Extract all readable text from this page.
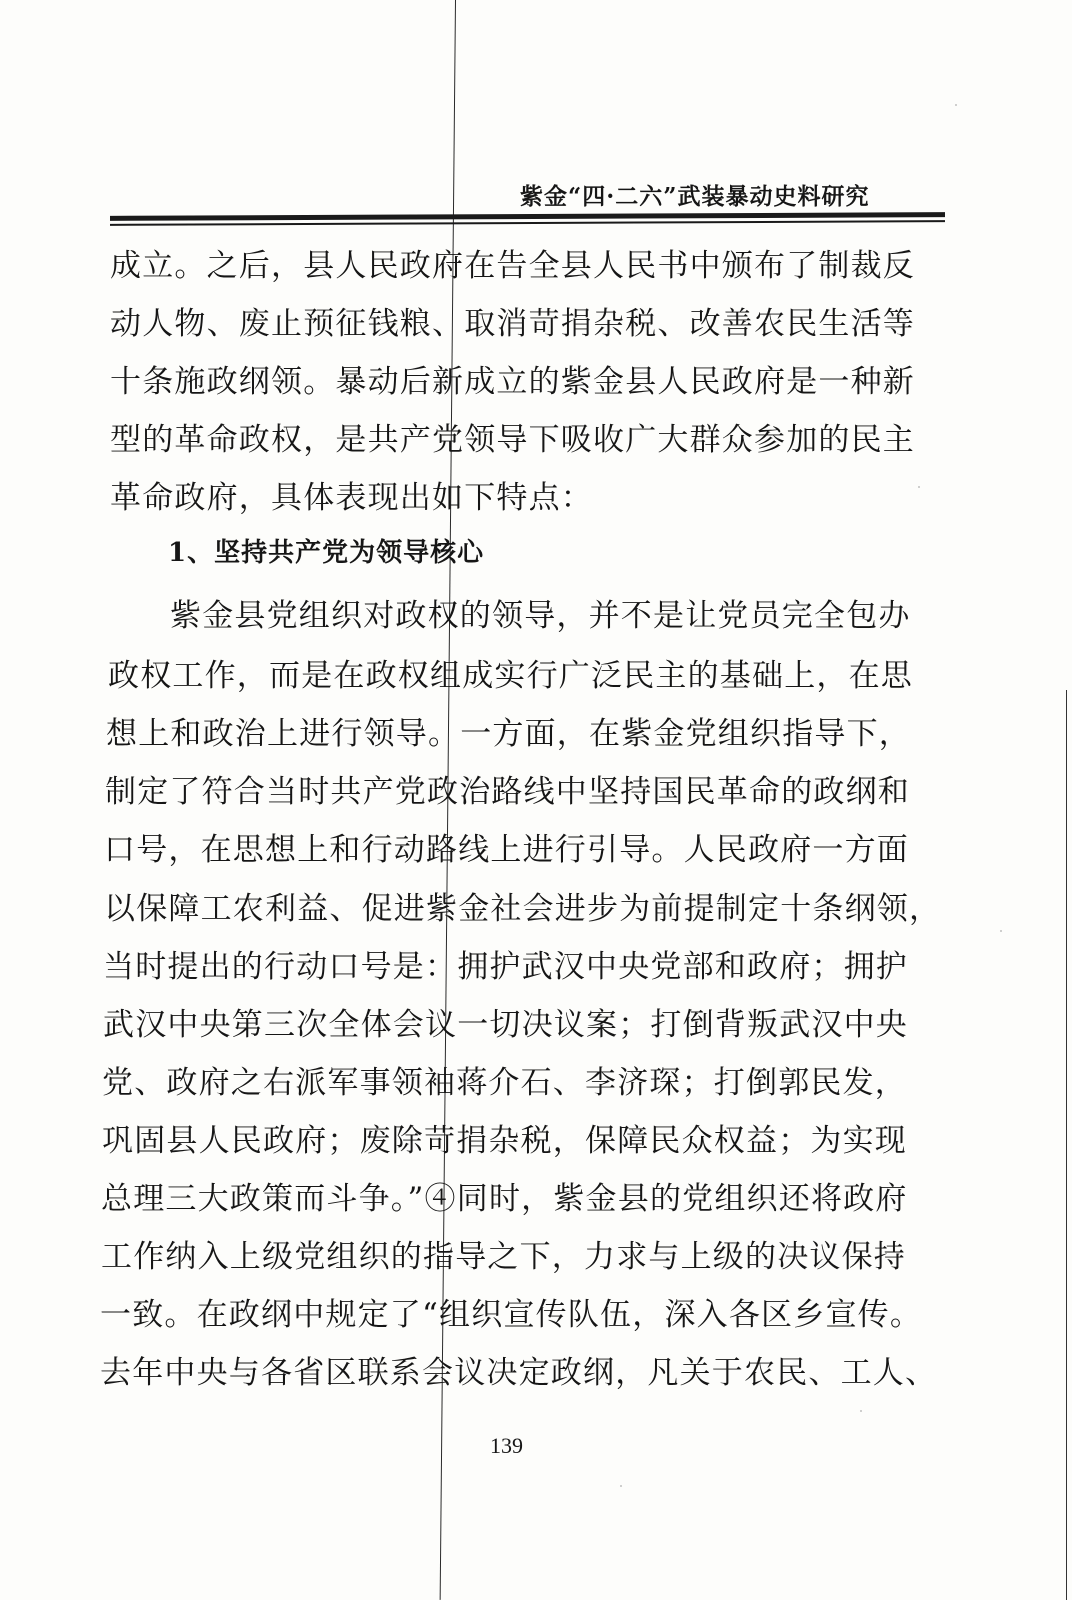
紫金“四·二六”武装暴动史料研究
成立。之后，县人民政府在告全县人民书中颁布了制裁反
动人物、废止预征钱粮、取消苛捐杂税、改善农民生活等
十条施政纲领。暴动后新成立的紫金县人民政府是一种新
型的革命政权，是共产党领导下吸收广大群众参加的民主
革命政府，具体表现出如下特点：
1、坚持共产党为领导核心
紫金县党组织对政权的领导，并不是让党员完全包办
政权工作，而是在政权组成实行广泛民主的基础上，在思
想上和政治上进行领导。一方面，在紫金党组织指导下，
制定了符合当时共产党政治路线中坚持国民革命的政纲和
口号，在思想上和行动路线上进行引导。人民政府一方面
以保障工农利益、促进紫金社会进步为前提制定十条纲领，
当时提出的行动口号是：拥护武汉中央党部和政府；拥护
武汉中央第三次全体会议一切决议案；打倒背叛武汉中央
党、政府之右派军事领袖蒋介石、李济琛；打倒郭民发，
巩固县人民政府；废除苛捐杂税，保障民众权益；为实现
总理三大政策而斗争。”④同时，紫金县的党组织还将政府
工作纳入上级党组织的指导之下，力求与上级的决议保持
一致。在政纲中规定了“组织宣传队伍，深入各区乡宣传。
去年中央与各省区联系会议决定政纲，凡关于农民、工人、
139
